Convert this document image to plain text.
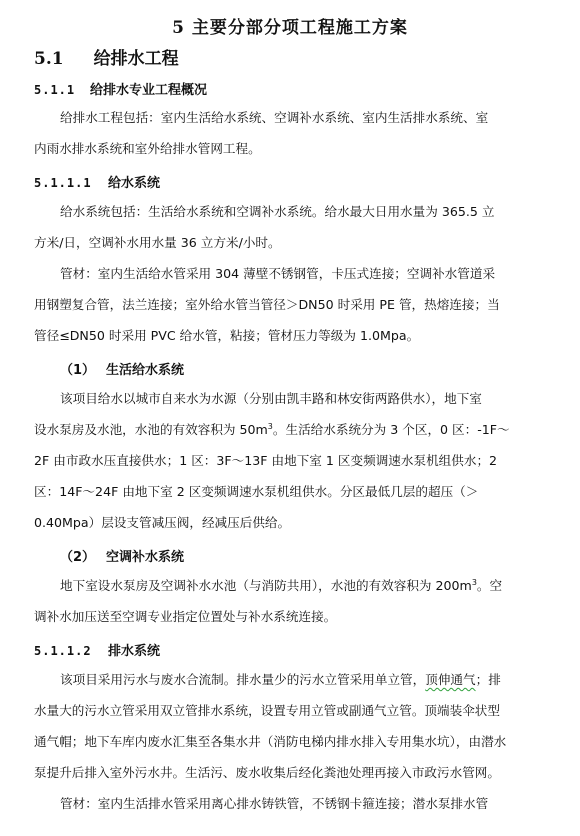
5 主要分部分项工程施工方案
5.1 给排水工程
5.1.1 给排水专业工程概况
给排水工程包括：室内生活给水系统、空调补水系统、室内生活排水系统、室
内雨水排水系统和室外给排水管网工程。
5.1.1.1 给水系统
给水系统包括：生活给水系统和空调补水系统。给水最大日用水量为 365.5 立
方米/日，空调补水用水量 36 立方米/小时。
管材：室内生活给水管采用 304 薄壁不锈钢管，卡压式连接；空调补水管道采
用钢塑复合管，法兰连接；室外给水管当管径＞DN50 时采用 PE 管，热熔连接；当
管径≤DN50 时采用 PVC 给水管，粘接；管材压力等级为 1.0Mpa。
（1） 生活给水系统
该项目给水以城市自来水为水源（分别由凯丰路和林安街两路供水），地下室
设水泵房及水池，水池的有效容积为 $50m^3$。生活给水系统分为 3 个区，0 区：-1F～
2F 由市政水压直接供水；1 区：3F～13F 由地下室 1 区变频调速水泵机组供水；2
区：14F～24F 由地下室 2 区变频调速水泵机组供水。分区最低几层的超压（＞
0.40Mpa）层设支管减压阀，经减压后供给。
（2） 空调补水系统
地下室设水泵房及空调补水水池（与消防共用），水池的有效容积为 $200m^3$。空
调补水加压送至空调专业指定位置处与补水系统连接。
5.1.1.2 排水系统
该项目采用污水与废水合流制。排水量少的污水立管采用单立管，顶伸通气；排
水量大的污水立管采用双立管排水系统，设置专用立管或副通气立管。顶端装伞状型
通气帽；地下车库内废水汇集至各集水井（消防电梯内排水排入专用集水坑），由潜水
泵提升后排入室外污水井。生活污、废水收集后经化粪池处理再接入市政污水管网。
管材：室内生活排水管采用离心排水铸铁管，不锈钢卡箍连接；潜水泵排水管
